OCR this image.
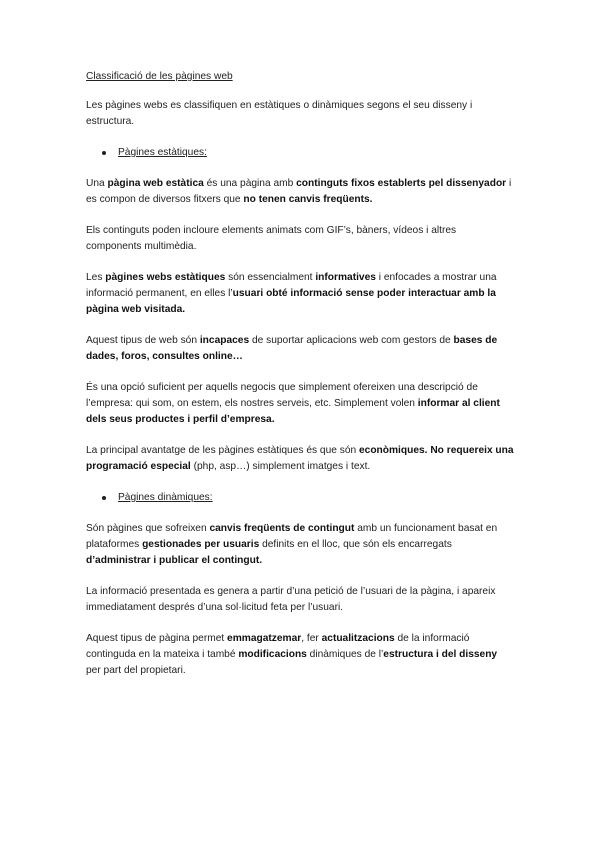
Classificació de les pàgines web

Les pàgines webs es classifiquen en estàtiques o dinàmiques segons el seu disseny i estructura.

Pàgines estàtiques:

Una pàgina web estàtica és una pàgina amb continguts fixos establerts pel dissenyador i es compon de diversos fitxers que no tenen canvis freqüents.

Els continguts poden incloure elements animats com GIF’s, bàners, vídeos i altres components multimèdia.

Les pàgines webs estàtiques són essencialment informatives i enfocades a mostrar una informació permanent, en elles l’usuari obté informació sense poder interactuar amb la pàgina web visitada.

Aquest tipus de web són incapaces de suportar aplicacions web com gestors de bases de dades, foros, consultes online…

És una opció suficient per aquells negocis que simplement ofereixen una descripció de l’empresa: qui som, on estem, els nostres serveis, etc. Simplement volen informar al client dels seus productes i perfil d’empresa.

La principal avantatge de les pàgines estàtiques és que són econòmiques. No requereix una programació especial (php, asp…) simplement imatges i text.

Pàgines dinàmiques:

Són pàgines que sofreixen canvis freqüents de contingut amb un funcionament basat en plataformes gestionades per usuaris definits en el lloc, que són els encarregats d’administrar i publicar el contingut.

La informació presentada es genera a partir d’una petició de l’usuari de la pàgina, i apareix immediatament després d’una sol·licitud feta per l’usuari.

Aquest tipus de pàgina permet emmagatzemar, fer actualitzacions de la informació continguda en la mateixa i també modificacions dinàmiques de l’estructura i del disseny per part del propietari.
